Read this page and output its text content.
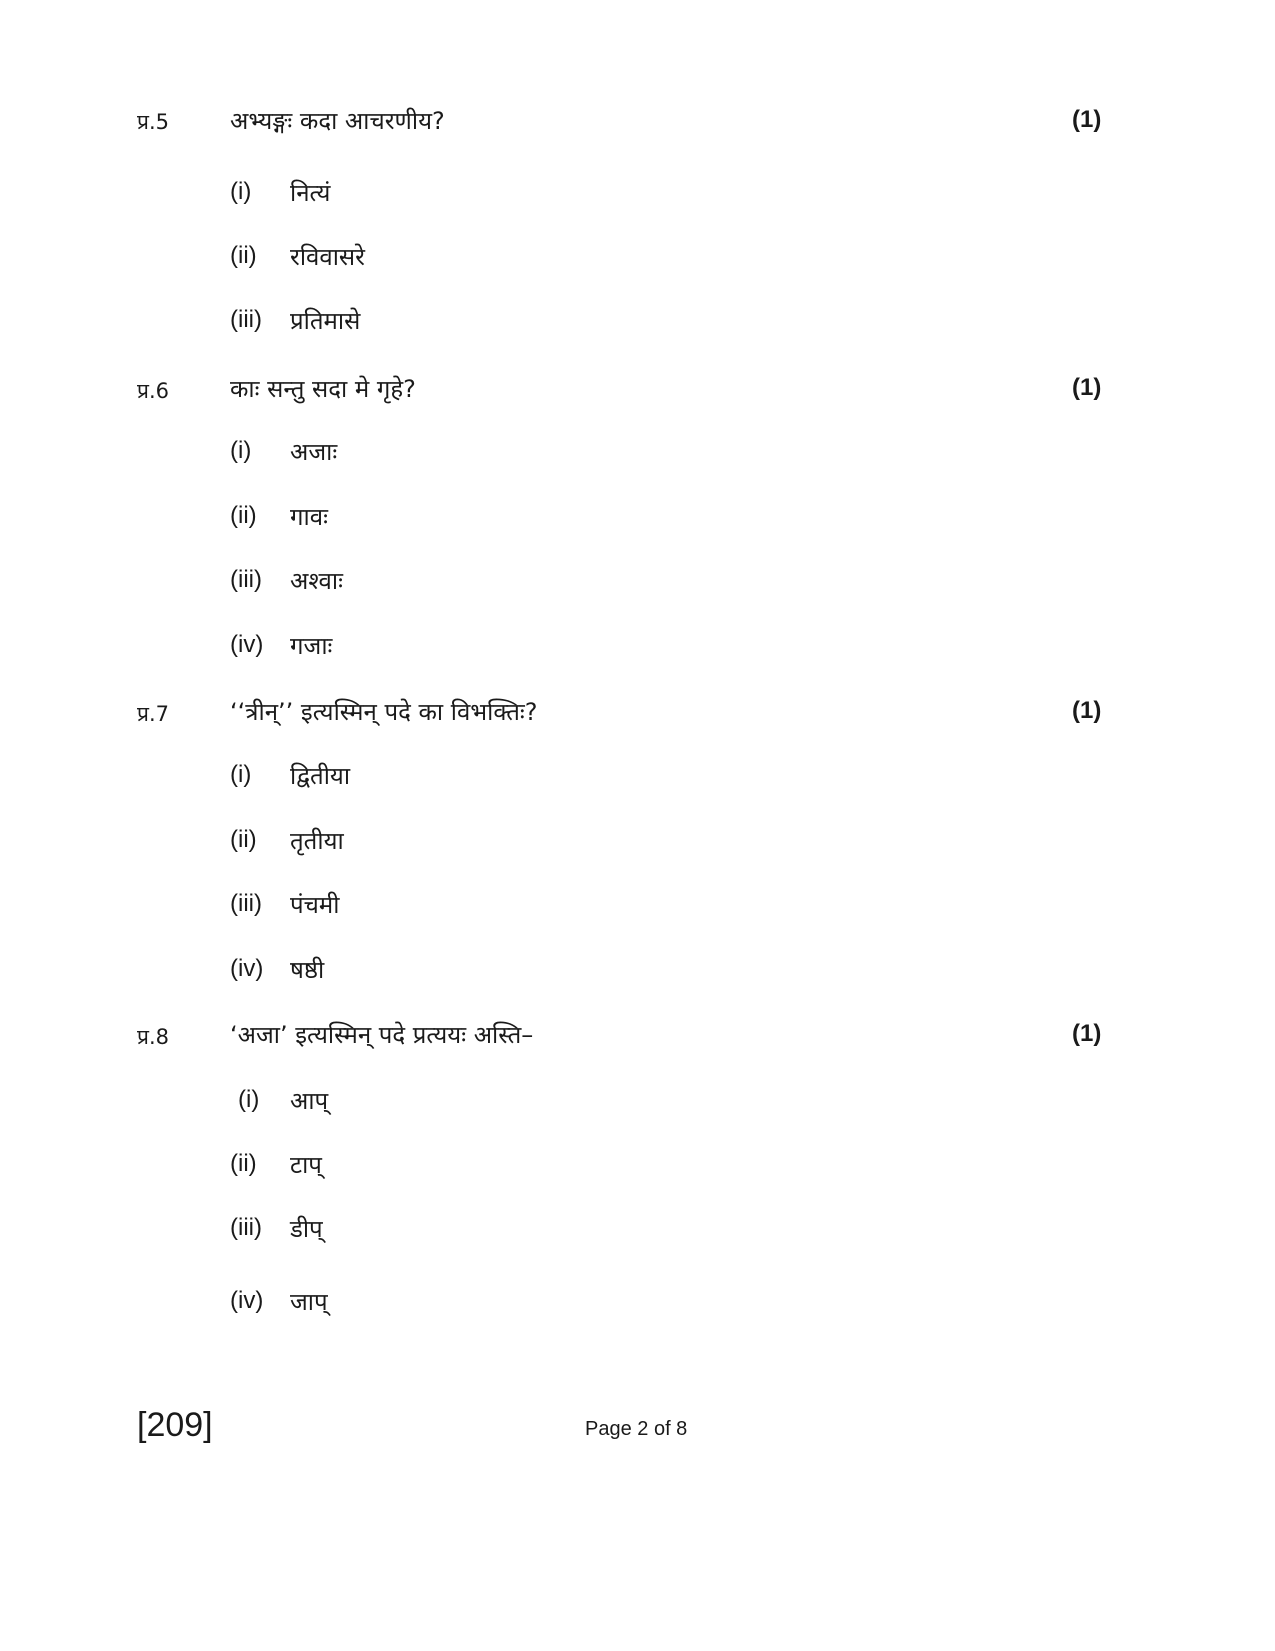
प्र.5	अभ्यङ्गः कदा आचरणीय?	(1)
(i) नित्यं
(ii) रविवासरे
(iii) प्रतिमासे
प्र.6	काः सन्तु सदा मे गृहे?	(1)
(i) अजाः
(ii) गावः
(iii) अश्वाः
(iv) गजाः
प्र.7	‘‘त्रीन्’’ इत्यस्मिन् पदे का विभक्तिः?	(1)
(i) द्वितीया
(ii) तृतीया
(iii) पंचमी
(iv) षष्ठी
प्र.8	‘अजा’ इत्यस्मिन् पदे प्रत्ययः अस्ति–	(1)
(i) आप्
(ii) टाप्
(iii) डीप्
(iv) जाप्
[209]	Page 2 of 8
